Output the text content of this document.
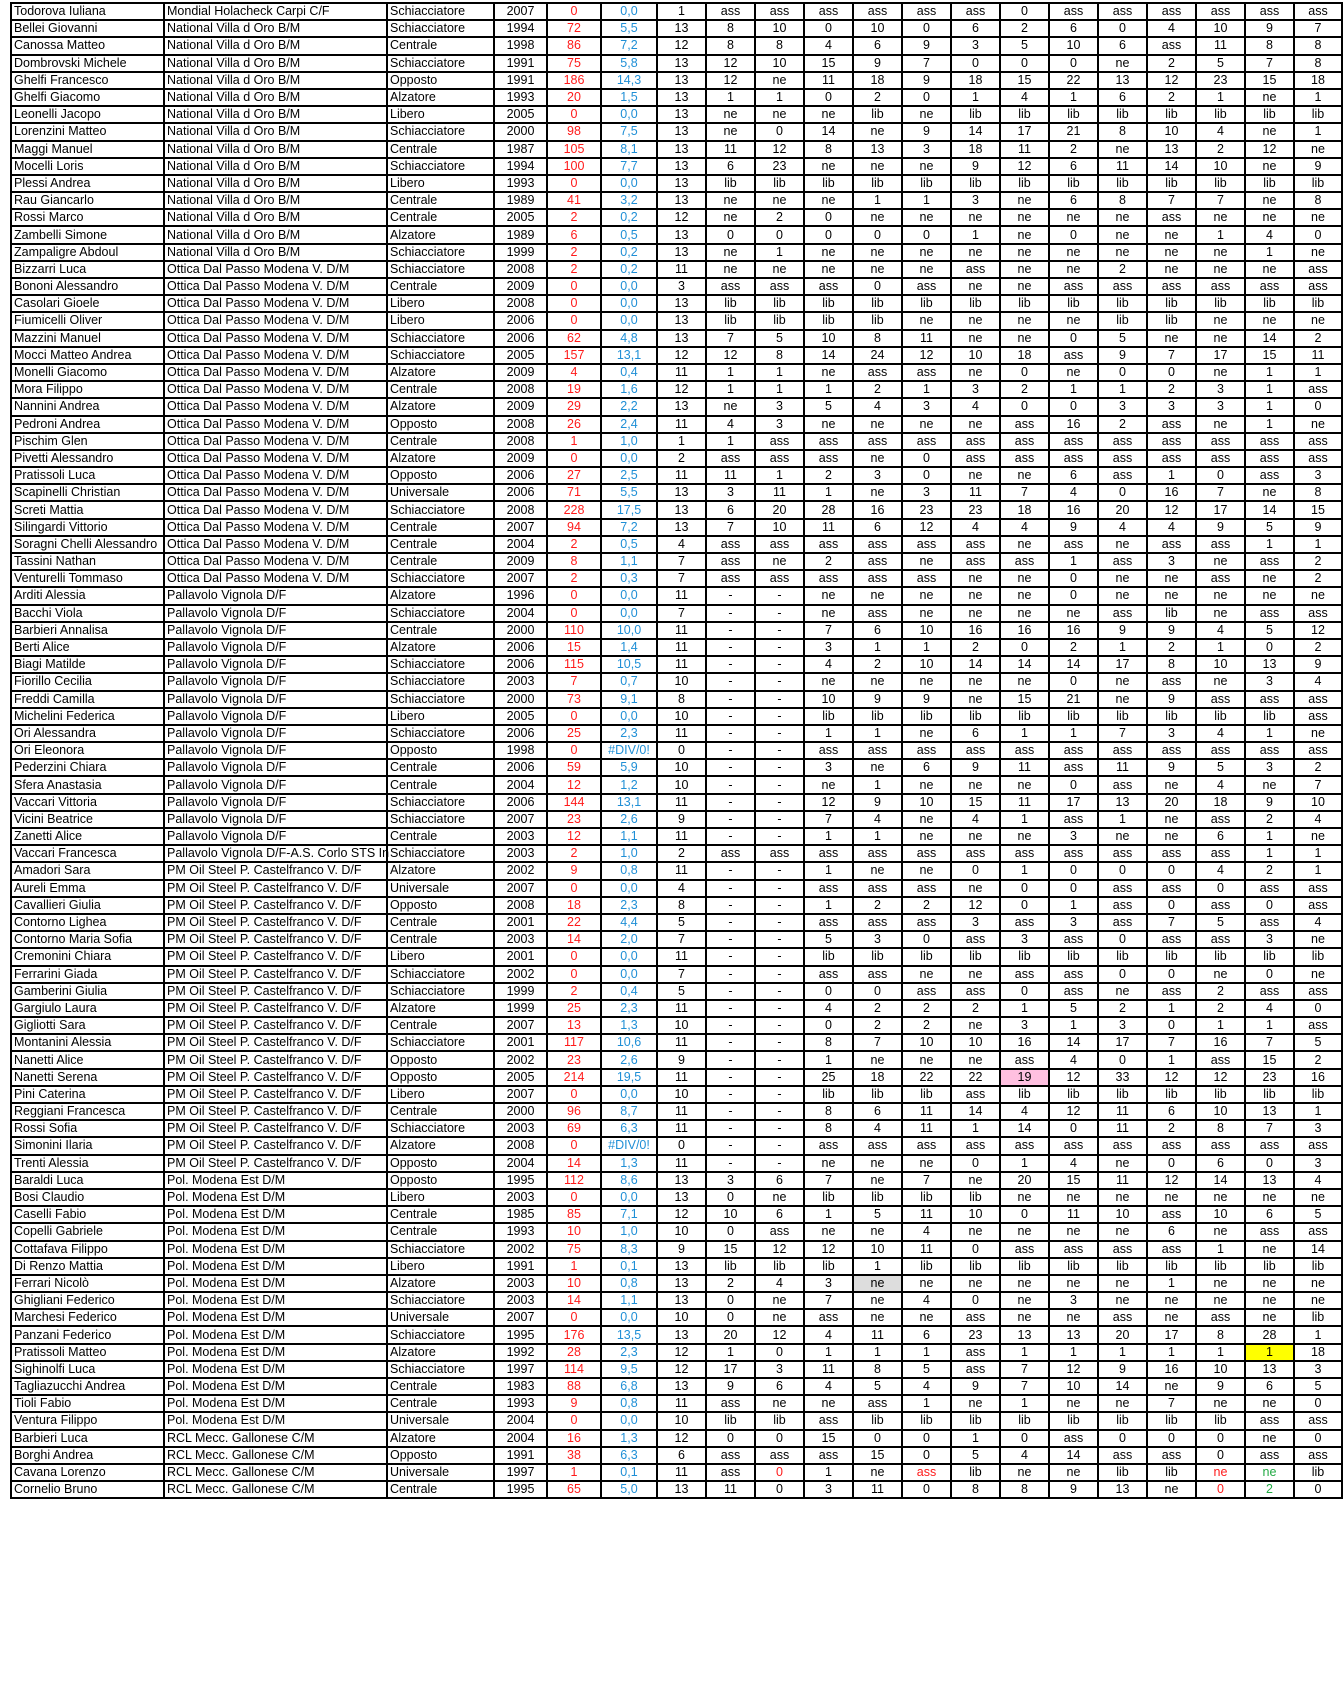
Todorova Iuliana	Mondial Holacheck Carpi C/F	Schiacciatore	2007	0	0,0	1	ass	ass	ass	ass	ass	ass	0	ass	ass	ass	ass	ass	ass
Bellei Giovanni	National Villa d Oro B/M	Schiacciatore	1994	72	5,5	13	8	10	0	10	0	6	2	6	0	4	10	9	7
Canossa Matteo	National Villa d Oro B/M	Centrale	1998	86	7,2	12	8	8	4	6	9	3	5	10	6	ass	11	8	8
Dombrovski Michele	National Villa d Oro B/M	Schiacciatore	1991	75	5,8	13	12	10	15	9	7	0	0	0	ne	2	5	7	8
Ghelfi Francesco	National Villa d Oro B/M	Opposto	1991	186	14,3	13	12	ne	11	18	9	18	15	22	13	12	23	15	18
Ghelfi Giacomo	National Villa d Oro B/M	Alzatore	1993	20	1,5	13	1	1	0	2	0	1	4	1	6	2	1	ne	1
Leonelli Jacopo	National Villa d Oro B/M	Libero	2005	0	0,0	13	ne	ne	ne	lib	ne	lib	lib	lib	lib	lib	lib	lib	lib
Lorenzini Matteo	National Villa d Oro B/M	Schiacciatore	2000	98	7,5	13	ne	0	14	ne	9	14	17	21	8	10	4	ne	1
Maggi Manuel	National Villa d Oro B/M	Centrale	1987	105	8,1	13	11	12	8	13	3	18	11	2	ne	13	2	12	ne
Mocelli Loris	National Villa d Oro B/M	Schiacciatore	1994	100	7,7	13	6	23	ne	ne	ne	9	12	6	11	14	10	ne	9
Plessi Andrea	National Villa d Oro B/M	Libero	1993	0	0,0	13	lib	lib	lib	lib	lib	lib	lib	lib	lib	lib	lib	lib	lib
Rau Giancarlo	National Villa d Oro B/M	Centrale	1989	41	3,2	13	ne	ne	ne	1	1	3	ne	6	8	7	7	ne	8
Rossi Marco	National Villa d Oro B/M	Centrale	2005	2	0,2	12	ne	2	0	ne	ne	ne	ne	ne	ne	ass	ne	ne	ne
Zambelli Simone	National Villa d Oro B/M	Alzatore	1989	6	0,5	13	0	0	0	0	0	1	ne	0	ne	ne	1	4	0
Zampaligre Abdoul	National Villa d Oro B/M	Schiacciatore	1999	2	0,2	13	ne	1	ne	ne	ne	ne	ne	ne	ne	ne	ne	1	ne
Bizzarri Luca	Ottica Dal Passo Modena V. D/M	Schiacciatore	2008	2	0,2	11	ne	ne	ne	ne	ne	ass	ne	ne	2	ne	ne	ne	ass
Bononi Alessandro	Ottica Dal Passo Modena V. D/M	Centrale	2009	0	0,0	3	ass	ass	ass	0	ass	ne	ne	ass	ass	ass	ass	ass	ass
Casolari Gioele	Ottica Dal Passo Modena V. D/M	Libero	2008	0	0,0	13	lib	lib	lib	lib	lib	lib	lib	lib	lib	lib	lib	lib	lib
Fiumicelli Oliver	Ottica Dal Passo Modena V. D/M	Libero	2006	0	0,0	13	lib	lib	lib	lib	ne	ne	ne	ne	lib	lib	ne	ne	ne
Mazzini Manuel	Ottica Dal Passo Modena V. D/M	Schiacciatore	2006	62	4,8	13	7	5	10	8	11	ne	ne	0	5	ne	ne	14	2
Mocci Matteo Andrea	Ottica Dal Passo Modena V. D/M	Schiacciatore	2005	157	13,1	12	12	8	14	24	12	10	18	ass	9	7	17	15	11
Monelli Giacomo	Ottica Dal Passo Modena V. D/M	Alzatore	2009	4	0,4	11	1	1	ne	ass	ass	ne	0	ne	0	0	ne	1	1
Mora Filippo	Ottica Dal Passo Modena V. D/M	Centrale	2008	19	1,6	12	1	1	1	2	1	3	2	1	1	2	3	1	ass
Nannini Andrea	Ottica Dal Passo Modena V. D/M	Alzatore	2009	29	2,2	13	ne	3	5	4	3	4	0	0	3	3	3	1	0
Pedroni Andrea	Ottica Dal Passo Modena V. D/M	Opposto	2008	26	2,4	11	4	3	ne	ne	ne	ne	ass	16	2	ass	ne	1	ne
Pischim Glen	Ottica Dal Passo Modena V. D/M	Centrale	2008	1	1,0	1	1	ass	ass	ass	ass	ass	ass	ass	ass	ass	ass	ass	ass
Pivetti Alessandro	Ottica Dal Passo Modena V. D/M	Alzatore	2009	0	0,0	2	ass	ass	ass	ne	0	ass	ass	ass	ass	ass	ass	ass	ass
Pratissoli Luca	Ottica Dal Passo Modena V. D/M	Opposto	2006	27	2,5	11	11	1	2	3	0	ne	ne	6	ass	1	0	ass	3
Scapinelli Christian	Ottica Dal Passo Modena V. D/M	Universale	2006	71	5,5	13	3	11	1	ne	3	11	7	4	0	16	7	ne	8
Screti Mattia	Ottica Dal Passo Modena V. D/M	Schiacciatore	2008	228	17,5	13	6	20	28	16	23	23	18	16	20	12	17	14	15
Silingardi Vittorio	Ottica Dal Passo Modena V. D/M	Centrale	2007	94	7,2	13	7	10	11	6	12	4	4	9	4	4	9	5	9
Soragni Chelli Alessandro	Ottica Dal Passo Modena V. D/M	Centrale	2004	2	0,5	4	ass	ass	ass	ass	ass	ass	ne	ass	ne	ass	ass	1	1
Tassini Nathan	Ottica Dal Passo Modena V. D/M	Centrale	2009	8	1,1	7	ass	ne	2	ass	ne	ass	ass	1	ass	3	ne	ass	2
Venturelli Tommaso	Ottica Dal Passo Modena V. D/M	Schiacciatore	2007	2	0,3	7	ass	ass	ass	ass	ass	ne	ne	0	ne	ne	ass	ne	2
Arditi Alessia	Pallavolo Vignola D/F	Alzatore	1996	0	0,0	11	-	-	ne	ne	ne	ne	ne	0	ne	ne	ne	ne	ne
Bacchi Viola	Pallavolo Vignola D/F	Schiacciatore	2004	0	0,0	7	-	-	ne	ass	ne	ne	ne	ne	ass	lib	ne	ass	ass
Barbieri Annalisa	Pallavolo Vignola D/F	Centrale	2000	110	10,0	11	-	-	7	6	10	16	16	16	9	9	4	5	12
Berti Alice	Pallavolo Vignola D/F	Alzatore	2006	15	1,4	11	-	-	3	1	1	2	0	2	1	2	1	0	2
Biagi Matilde	Pallavolo Vignola D/F	Schiacciatore	2006	115	10,5	11	-	-	4	2	10	14	14	14	17	8	10	13	9
Fiorillo Cecilia	Pallavolo Vignola D/F	Schiacciatore	2003	7	0,7	10	-	-	ne	ne	ne	ne	ne	0	ne	ass	ne	3	4
Freddi Camilla	Pallavolo Vignola D/F	Schiacciatore	2000	73	9,1	8	-	-	10	9	9	ne	15	21	ne	9	ass	ass	ass
Michelini Federica	Pallavolo Vignola D/F	Libero	2005	0	0,0	10	-	-	lib	lib	lib	lib	lib	lib	lib	lib	lib	lib	ass
Ori Alessandra	Pallavolo Vignola D/F	Schiacciatore	2006	25	2,3	11	-	-	1	1	ne	6	1	1	7	3	4	1	ne
Ori Eleonora	Pallavolo Vignola D/F	Opposto	1998	0	#DIV/0!	0	-	-	ass	ass	ass	ass	ass	ass	ass	ass	ass	ass	ass
Pederzini Chiara	Pallavolo Vignola D/F	Centrale	2006	59	5,9	10	-	-	3	ne	6	9	11	ass	11	9	5	3	2
Sfera Anastasia	Pallavolo Vignola D/F	Centrale	2004	12	1,2	10	-	-	ne	1	ne	ne	ne	0	ass	ne	4	ne	7
Vaccari Vittoria	Pallavolo Vignola D/F	Schiacciatore	2006	144	13,1	11	-	-	12	9	10	15	11	17	13	20	18	9	10
Vicini Beatrice	Pallavolo Vignola D/F	Schiacciatore	2007	23	2,6	9	-	-	7	4	ne	4	1	ass	1	ne	ass	2	4
Zanetti Alice	Pallavolo Vignola D/F	Centrale	2003	12	1,1	11	-	-	1	1	ne	ne	ne	3	ne	ne	6	1	ne
Vaccari Francesca	Pallavolo Vignola D/F-A.S. Corlo STS In	Schiacciatore	2003	2	1,0	2	ass	ass	ass	ass	ass	ass	ass	ass	ass	ass	ass	1	1
Amadori Sara	PM Oil Steel P. Castelfranco V. D/F	Alzatore	2002	9	0,8	11	-	-	1	ne	ne	0	1	0	0	0	4	2	1
Aureli Emma	PM Oil Steel P. Castelfranco V. D/F	Universale	2007	0	0,0	4	-	-	ass	ass	ass	ne	0	0	ass	ass	0	ass	ass
Cavallieri Giulia	PM Oil Steel P. Castelfranco V. D/F	Opposto	2008	18	2,3	8	-	-	1	2	2	12	0	1	ass	0	ass	0	ass
Contorno Lighea	PM Oil Steel P. Castelfranco V. D/F	Centrale	2001	22	4,4	5	-	-	ass	ass	ass	3	ass	3	ass	7	5	ass	4
Contorno Maria Sofia	PM Oil Steel P. Castelfranco V. D/F	Centrale	2003	14	2,0	7	-	-	5	3	0	ass	3	ass	0	ass	ass	3	ne
Cremonini Chiara	PM Oil Steel P. Castelfranco V. D/F	Libero	2001	0	0,0	11	-	-	lib	lib	lib	lib	lib	lib	lib	lib	lib	lib	lib
Ferrarini Giada	PM Oil Steel P. Castelfranco V. D/F	Schiacciatore	2002	0	0,0	7	-	-	ass	ass	ne	ne	ass	ass	0	0	ne	0	ne
Gamberini Giulia	PM Oil Steel P. Castelfranco V. D/F	Schiacciatore	1999	2	0,4	5	-	-	0	0	ass	ass	0	ass	ne	ass	2	ass	ass
Gargiulo Laura	PM Oil Steel P. Castelfranco V. D/F	Alzatore	1999	25	2,3	11	-	-	4	2	2	2	1	5	2	1	2	4	0
Gigliotti Sara	PM Oil Steel P. Castelfranco V. D/F	Centrale	2007	13	1,3	10	-	-	0	2	2	ne	3	1	3	0	1	1	ass
Montanini Alessia	PM Oil Steel P. Castelfranco V. D/F	Schiacciatore	2001	117	10,6	11	-	-	8	7	10	10	16	14	17	7	16	7	5
Nanetti Alice	PM Oil Steel P. Castelfranco V. D/F	Opposto	2002	23	2,6	9	-	-	1	ne	ne	ne	ass	4	0	1	ass	15	2
Nanetti Serena	PM Oil Steel P. Castelfranco V. D/F	Opposto	2005	214	19,5	11	-	-	25	18	22	22	19	12	33	12	12	23	16
Pini Caterina	PM Oil Steel P. Castelfranco V. D/F	Libero	2007	0	0,0	10	-	-	lib	lib	lib	ass	lib	lib	lib	lib	lib	lib	lib
Reggiani Francesca	PM Oil Steel P. Castelfranco V. D/F	Centrale	2000	96	8,7	11	-	-	8	6	11	14	4	12	11	6	10	13	1
Rossi Sofia	PM Oil Steel P. Castelfranco V. D/F	Schiacciatore	2003	69	6,3	11	-	-	8	4	11	1	14	0	11	2	8	7	3
Simonini Ilaria	PM Oil Steel P. Castelfranco V. D/F	Alzatore	2008	0	#DIV/0!	0	-	-	ass	ass	ass	ass	ass	ass	ass	ass	ass	ass	ass
Trenti Alessia	PM Oil Steel P. Castelfranco V. D/F	Opposto	2004	14	1,3	11	-	-	ne	ne	ne	0	1	4	ne	0	6	0	3
Baraldi Luca	Pol. Modena Est D/M	Opposto	1995	112	8,6	13	3	6	7	ne	7	ne	20	15	11	12	14	13	4
Bosi Claudio	Pol. Modena Est D/M	Libero	2003	0	0,0	13	0	ne	lib	lib	lib	lib	ne	ne	ne	ne	ne	ne	ne
Caselli Fabio	Pol. Modena Est D/M	Centrale	1985	85	7,1	12	10	6	1	5	11	10	0	11	10	ass	10	6	5
Copelli Gabriele	Pol. Modena Est D/M	Centrale	1993	10	1,0	10	0	ass	ne	ne	4	ne	ne	ne	ne	6	ne	ass	ass
Cottafava Filippo	Pol. Modena Est D/M	Schiacciatore	2002	75	8,3	9	15	12	12	10	11	0	ass	ass	ass	ass	1	ne	14
Di Renzo Mattia	Pol. Modena Est D/M	Libero	1991	1	0,1	13	lib	lib	lib	1	lib	lib	lib	lib	lib	lib	lib	lib	lib
Ferrari Nicolò	Pol. Modena Est D/M	Alzatore	2003	10	0,8	13	2	4	3	ne	ne	ne	ne	ne	ne	1	ne	ne	ne
Ghigliani Federico	Pol. Modena Est D/M	Schiacciatore	2003	14	1,1	13	0	ne	7	ne	4	0	ne	3	ne	ne	ne	ne	ne
Marchesi Federico	Pol. Modena Est D/M	Universale	2007	0	0,0	10	0	ne	ass	ne	ne	ass	ne	ne	ass	ne	ass	ne	lib
Panzani Federico	Pol. Modena Est D/M	Schiacciatore	1995	176	13,5	13	20	12	4	11	6	23	13	13	20	17	8	28	1
Pratissoli Matteo	Pol. Modena Est D/M	Alzatore	1992	28	2,3	12	1	0	1	1	1	ass	1	1	1	1	1	1	18
Sighinolfi Luca	Pol. Modena Est D/M	Schiacciatore	1997	114	9,5	12	17	3	11	8	5	ass	7	12	9	16	10	13	3
Tagliazucchi Andrea	Pol. Modena Est D/M	Centrale	1983	88	6,8	13	9	6	4	5	4	9	7	10	14	ne	9	6	5
Tioli Fabio	Pol. Modena Est D/M	Centrale	1993	9	0,8	11	ass	ne	ne	ass	1	ne	1	ne	ne	7	ne	ne	0
Ventura Filippo	Pol. Modena Est D/M	Universale	2004	0	0,0	10	lib	lib	ass	lib	lib	lib	lib	lib	lib	lib	lib	ass	ass
Barbieri Luca	RCL Mecc. Gallonese C/M	Alzatore	2004	16	1,3	12	0	0	15	0	0	1	0	ass	0	0	0	ne	0
Borghi Andrea	RCL Mecc. Gallonese C/M	Opposto	1991	38	6,3	6	ass	ass	ass	15	0	5	4	14	ass	ass	0	ass	ass
Cavana Lorenzo	RCL Mecc. Gallonese C/M	Universale	1997	1	0,1	11	ass	0	1	ne	ass	lib	ne	ne	lib	lib	ne	ne	lib
Cornelio Bruno	RCL Mecc. Gallonese C/M	Centrale	1995	65	5,0	13	11	0	3	11	0	8	8	9	13	ne	0	2	0
